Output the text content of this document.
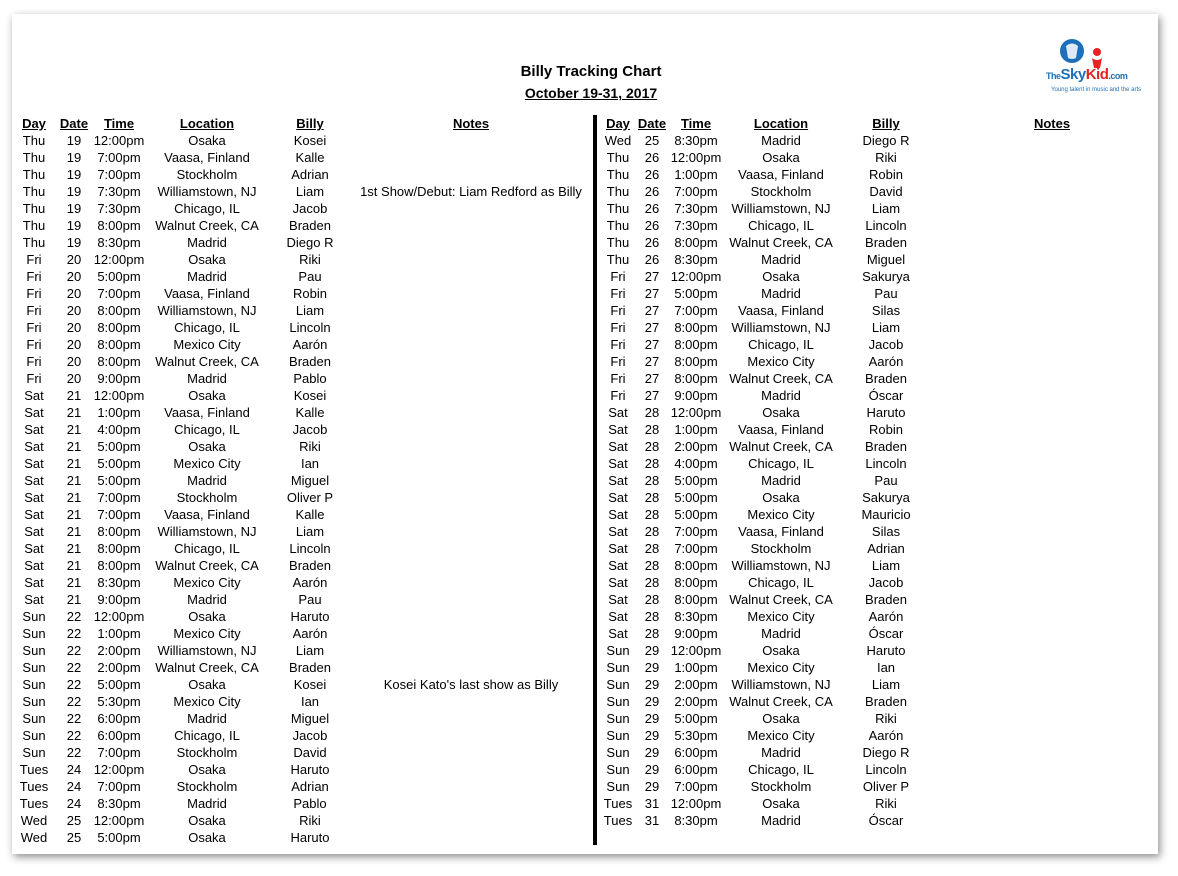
Billy Tracking Chart
October 19-31, 2017
TheSkyKid.com
Young talent in music and the arts
Day	Date	Time	Location	Billy	Notes
Thu	19 12:00pm	Osaka	Kosei
Thu	19	7:00pm	Vaasa, Finland	Kalle
Thu	19	7:00pm	Stockholm	Adrian
Thu	19	7:30pm	Williamstown, NJ	Liam	1st Show/Debut: Liam Redford as Billy
Thu	19	7:30pm	Chicago, IL	Jacob
Thu	19	8:00pm	Walnut Creek, CA	Braden
Thu	19	8:30pm	Madrid	Diego R
Fri	20 12:00pm	Osaka	Riki
Fri	20	5:00pm	Madrid	Pau
Fri	20	7:00pm	Vaasa, Finland	Robin
Fri	20	8:00pm	Williamstown, NJ	Liam
Fri	20	8:00pm	Chicago, IL	Lincoln
Fri	20	8:00pm	Mexico City	Aarón
Fri	20	8:00pm	Walnut Creek, CA	Braden
Fri	20	9:00pm	Madrid	Pablo
Sat	21 12:00pm	Osaka	Kosei
Sat	21	1:00pm	Vaasa, Finland	Kalle
Sat	21	4:00pm	Chicago, IL	Jacob
Sat	21	5:00pm	Osaka	Riki
Sat	21	5:00pm	Mexico City	Ian
Sat	21	5:00pm	Madrid	Miguel
Sat	21	7:00pm	Stockholm	Oliver P
Sat	21	7:00pm	Vaasa, Finland	Kalle
Sat	21	8:00pm	Williamstown, NJ	Liam
Sat	21	8:00pm	Chicago, IL	Lincoln
Sat	21	8:00pm	Walnut Creek, CA	Braden
Sat	21	8:30pm	Mexico City	Aarón
Sat	21	9:00pm	Madrid	Pau
Sun	22 12:00pm	Osaka	Haruto
Sun	22	1:00pm	Mexico City	Aarón
Sun	22	2:00pm	Williamstown, NJ	Liam
Sun	22	2:00pm	Walnut Creek, CA	Braden
Sun	22	5:00pm	Osaka	Kosei	Kosei Kato's last show as Billy
Sun	22	5:30pm	Mexico City	Ian
Sun	22	6:00pm	Madrid	Miguel
Sun	22	6:00pm	Chicago, IL	Jacob
Sun	22	7:00pm	Stockholm	David
Tues	24 12:00pm	Osaka	Haruto
Tues	24	7:00pm	Stockholm	Adrian
Tues	24	8:30pm	Madrid	Pablo
Wed	25 12:00pm	Osaka	Riki
Wed	25	5:00pm	Osaka	Haruto
Day Date	Time	Location	Billy	Notes
Wed	25	8:30pm	Madrid	Diego R
Thu	26 12:00pm	Osaka	Riki
Thu	26	1:00pm	Vaasa, Finland	Robin
Thu	26	7:00pm	Stockholm	David
Thu	26	7:30pm	Williamstown, NJ	Liam
Thu	26	7:30pm	Chicago, IL	Lincoln
Thu	26	8:00pm Walnut Creek, CA	Braden
Thu	26	8:30pm	Madrid	Miguel
Fri	27 12:00pm	Osaka	Sakurya
Fri	27	5:00pm	Madrid	Pau
Fri	27	7:00pm	Vaasa, Finland	Silas
Fri	27	8:00pm	Williamstown, NJ	Liam
Fri	27	8:00pm	Chicago, IL	Jacob
Fri	27	8:00pm	Mexico City	Aarón
Fri	27	8:00pm Walnut Creek, CA	Braden
Fri	27	9:00pm	Madrid	Óscar
Sat	28 12:00pm	Osaka	Haruto
Sat	28	1:00pm	Vaasa, Finland	Robin
Sat	28	2:00pm Walnut Creek, CA	Braden
Sat	28	4:00pm	Chicago, IL	Lincoln
Sat	28	5:00pm	Madrid	Pau
Sat	28	5:00pm	Osaka	Sakurya
Sat	28	5:00pm	Mexico City	Mauricio
Sat	28	7:00pm	Vaasa, Finland	Silas
Sat	28	7:00pm	Stockholm	Adrian
Sat	28	8:00pm	Williamstown, NJ	Liam
Sat	28	8:00pm	Chicago, IL	Jacob
Sat	28	8:00pm Walnut Creek, CA	Braden
Sat	28	8:30pm	Mexico City	Aarón
Sat	28	9:00pm	Madrid	Óscar
Sun	29 12:00pm	Osaka	Haruto
Sun	29	1:00pm	Mexico City	Ian
Sun	29	2:00pm	Williamstown, NJ	Liam
Sun	29	2:00pm Walnut Creek, CA	Braden
Sun	29	5:00pm	Osaka	Riki
Sun	29	5:30pm	Mexico City	Aarón
Sun	29	6:00pm	Madrid	Diego R
Sun	29	6:00pm	Chicago, IL	Lincoln
Sun	29	7:00pm	Stockholm	Oliver P
Tues 31 12:00pm	Osaka	Riki
Tues 31	8:30pm	Madrid	Óscar
